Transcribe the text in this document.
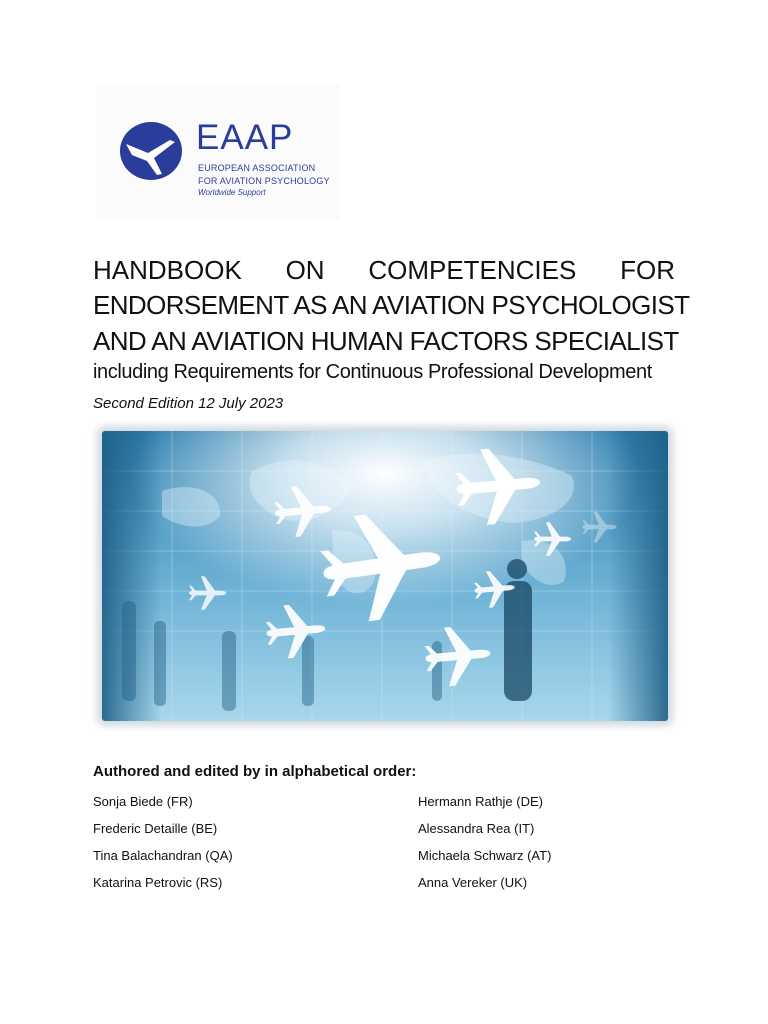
EAAP
EUROPEAN ASSOCIATION
FOR AVIATION PSYCHOLOGY
Worldwide Support
HANDBOOK ON COMPETENCIES FOR
ENDORSEMENT AS AN AVIATION PSYCHOLOGIST
AND AN AVIATION HUMAN FACTORS SPECIALIST
including Requirements for Continuous Professional Development
Second Edition 12 July 2023
Authored and edited by in alphabetical order:
Sonja Biede (FR)
Frederic Detaille (BE)
Tina Balachandran (QA)
Katarina Petrovic (RS)
Hermann Rathje (DE)
Alessandra Rea (IT)
Michaela Schwarz (AT)
Anna Vereker (UK)
